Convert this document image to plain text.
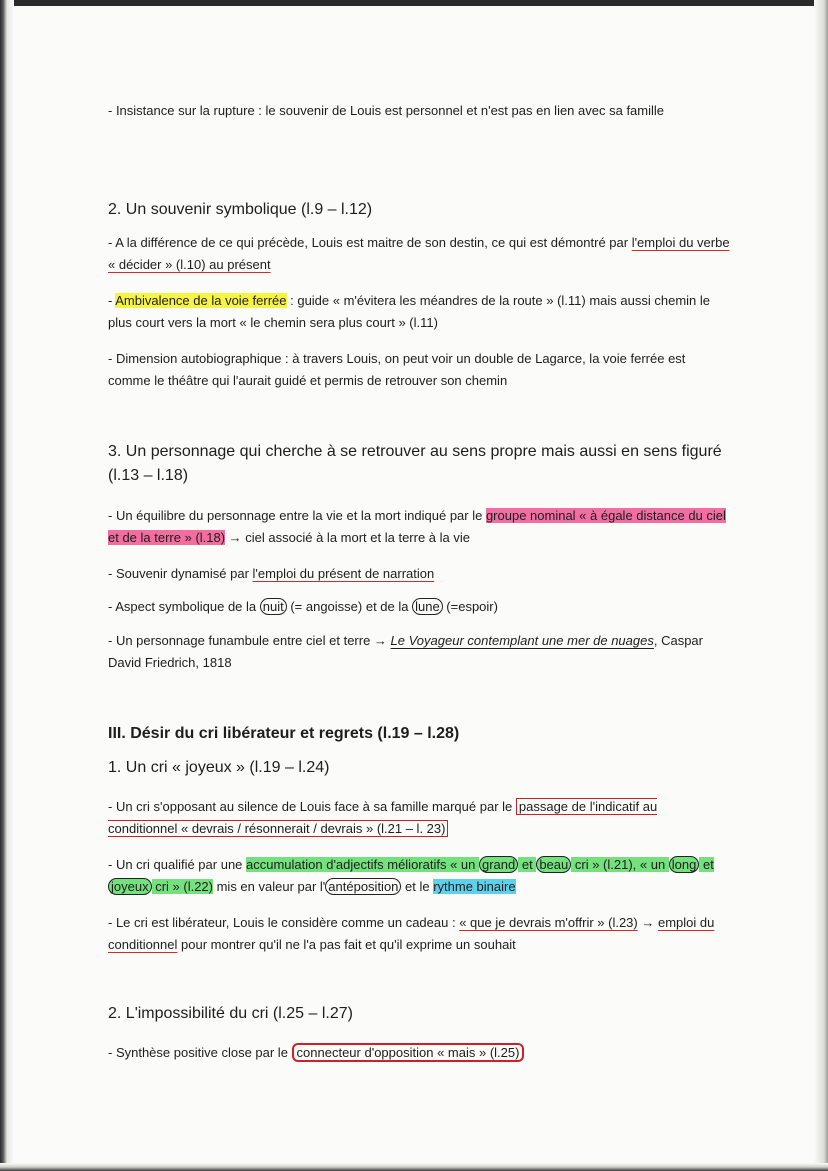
- Insistance sur la rupture : le souvenir de Louis est personnel et n'est pas en lien avec sa famille

2. Un souvenir symbolique (l.9 – l.12)

- A la différence de ce qui précède, Louis est maitre de son destin, ce qui est démontré par l'emploi du verbe « décider » (l.10) au présent

- Ambivalence de la voie ferrée : guide « m'évitera les méandres de la route » (l.11) mais aussi chemin le plus court vers la mort « le chemin sera plus court » (l.11)

- Dimension autobiographique : à travers Louis, on peut voir un double de Lagarce, la voie ferrée est comme le théâtre qui l'aurait guidé et permis de retrouver son chemin

3. Un personnage qui cherche à se retrouver au sens propre mais aussi en sens figuré (l.13 – l.18)

- Un équilibre du personnage entre la vie et la mort indiqué par le groupe nominal « à égale distance du ciel et de la terre » (l.18) → ciel associé à la mort et la terre à la vie

- Souvenir dynamisé par l'emploi du présent de narration

- Aspect symbolique de la nuit (= angoisse) et de la lune (=espoir)

- Un personnage funambule entre ciel et terre → Le Voyageur contemplant une mer de nuages, Caspar David Friedrich, 1818

III. Désir du cri libérateur et regrets (l.19 – l.28)

1. Un cri « joyeux » (l.19 – l.24)

- Un cri s'opposant au silence de Louis face à sa famille marqué par le passage de l'indicatif au conditionnel « devrais / résonnerait / devrais » (l.21 – l. 23)

- Un cri qualifié par une accumulation d'adjectifs mélioratifs « un grand et beau cri » (l.21), « un long et joyeux cri » (l.22) mis en valeur par l' antéposition et le rythme binaire

- Le cri est libérateur, Louis le considère comme un cadeau : « que je devrais m'offrir » (l.23) → emploi du conditionnel pour montrer qu'il ne l'a pas fait et qu'il exprime un souhait

2. L'impossibilité du cri (l.25 – l.27)

- Synthèse positive close par le connecteur d'opposition « mais » (l.25)
